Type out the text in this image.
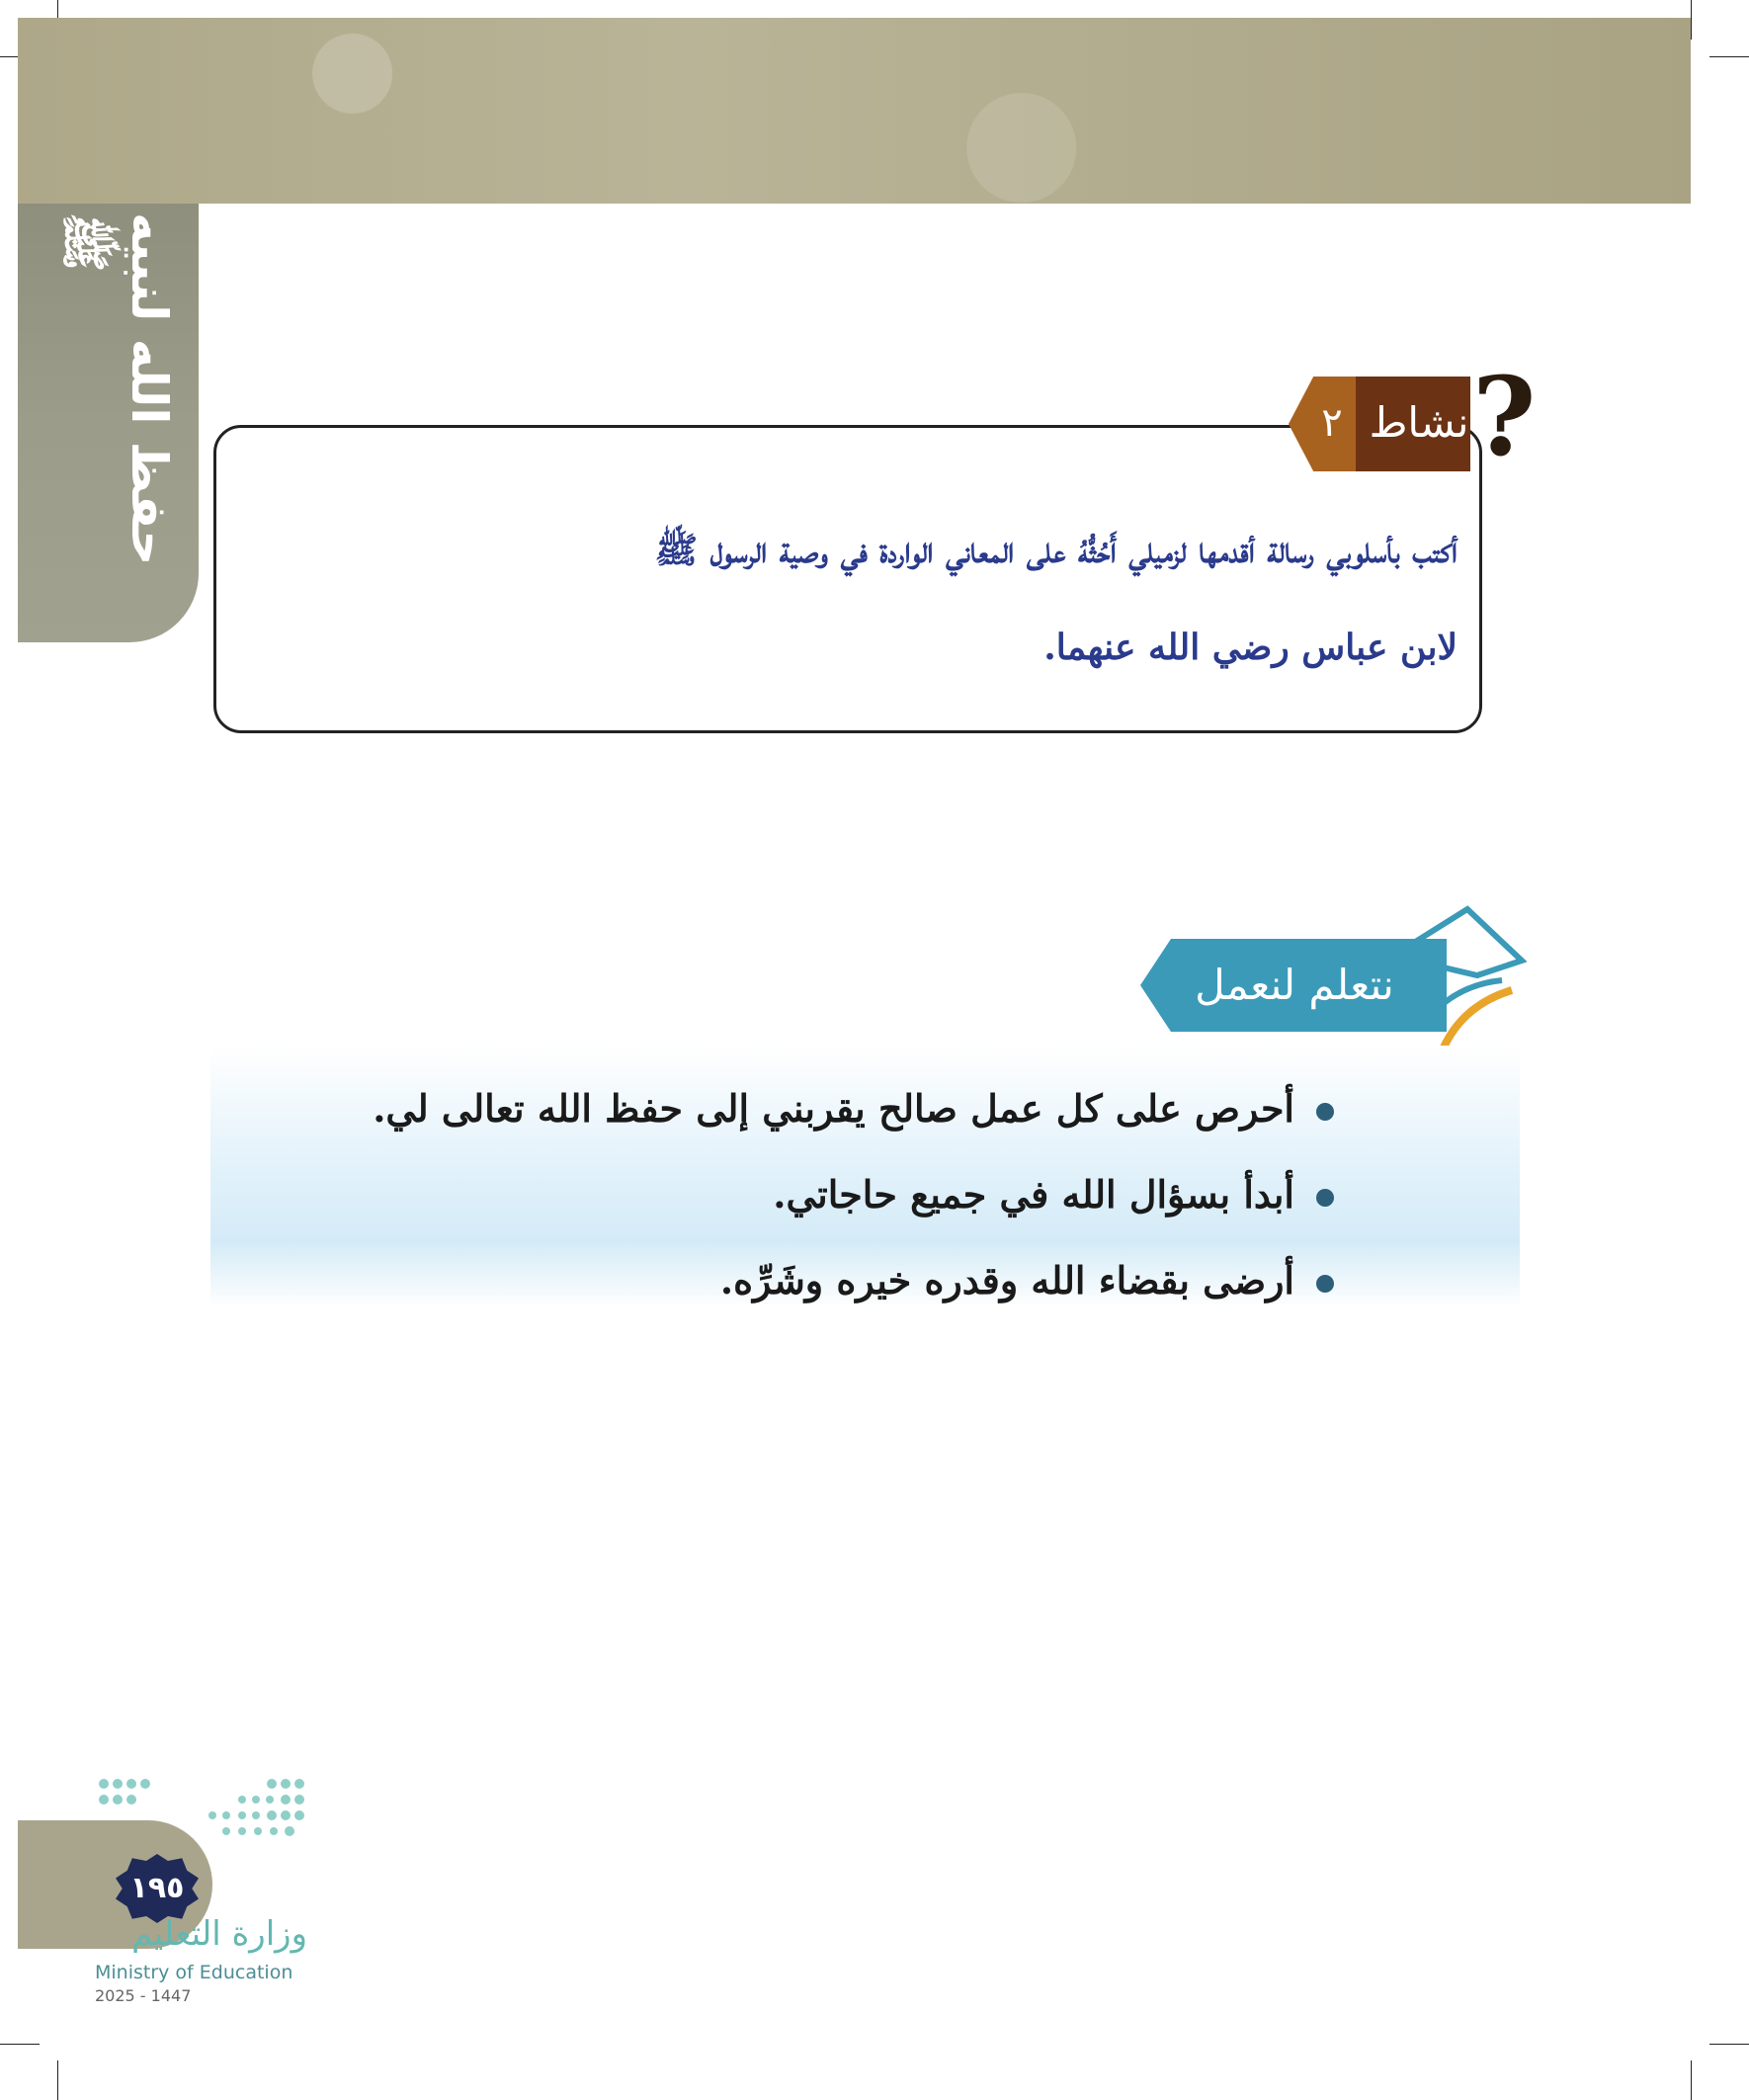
حفظ الله لنبيه ﷺ
نشاط
٢ ?
أكتب بأسلوبي رسالة أقدمها لزميلي أَحُثُّهُ على المعاني الواردة في وصية الرسول ﷺ
لابن عباس رضي الله عنهما.
نتعلم لنعمل
أحرص على كل عمل صالح يقربني إلى حفظ الله تعالى لي.
أبدأ بسؤال الله في جميع حاجاتي.
أرضى بقضاء الله وقدره خيره وشَرِّه.
١٩٥
وزارة التعليم
Ministry of Education
2025 - 1447
